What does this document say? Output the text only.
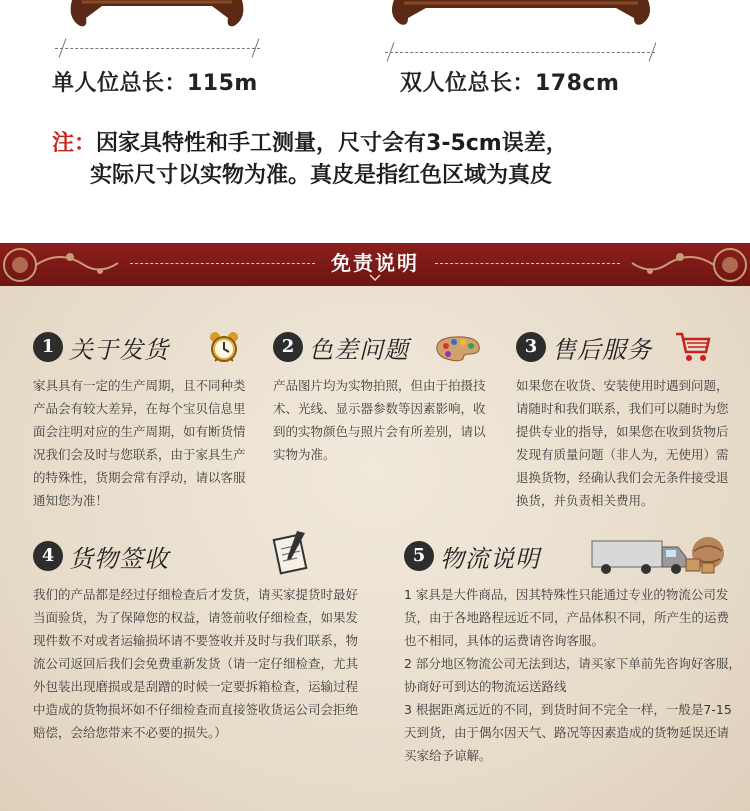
单人位总长：115m	双人位总长：178cm
注：因家具特性和手工测量，尺寸会有3-5cm误差，
实际尺寸以实物为准。真皮是指红色区域为真皮
免责说明
1 关于发货
家具具有一定的生产周期，且不同种类
产品会有较大差异，在每个宝贝信息里
面会注明对应的生产周期，如有断货情
况我们会及时与您联系，由于家具生产
的特殊性，货期会常有浮动，请以客服
通知您为准！
2 色差问题
产品图片均为实物拍照，但由于拍摄技
术、光线、显示器参数等因素影响，收
到的实物颜色与照片会有所差别，请以
实物为准。
3 售后服务
如果您在收货、安装使用时遇到问题，
请随时和我们联系，我们可以随时为您
提供专业的指导，如果您在收到货物后
发现有质量问题（非人为，无使用）需
退换货物，经确认我们会无条件接受退
换货，并负责相关费用。
4 货物签收
我们的产品都是经过仔细检查后才发货，请买家提货时最好
当面验货，为了保障您的权益，请签前收仔细检查，如果发
现件数不对或者运输损坏请不要签收并及时与我们联系，物
流公司返回后我们会免费重新发货（请一定仔细检查，尤其
外包装出现磨损或是刮蹭的时候一定要拆箱检查，运输过程
中造成的货物损坏如不仔细检查而直接签收货运公司会拒绝
赔偿，会给您带来不必要的损失。）
5 物流说明
1 家具是大件商品，因其特殊性只能通过专业的物流公司发
货，由于各地路程远近不同，产品体积不同，所产生的运费
也不相同，具体的运费请咨询客服。
2 部分地区物流公司无法到达，请买家下单前先咨询好客服，
协商好可到达的物流运送路线
3 根据距离远近的不同，到货时间不完全一样，一般是7-15
天到货，由于偶尔因天气、路况等因素造成的货物延误还请
买家给予谅解。
